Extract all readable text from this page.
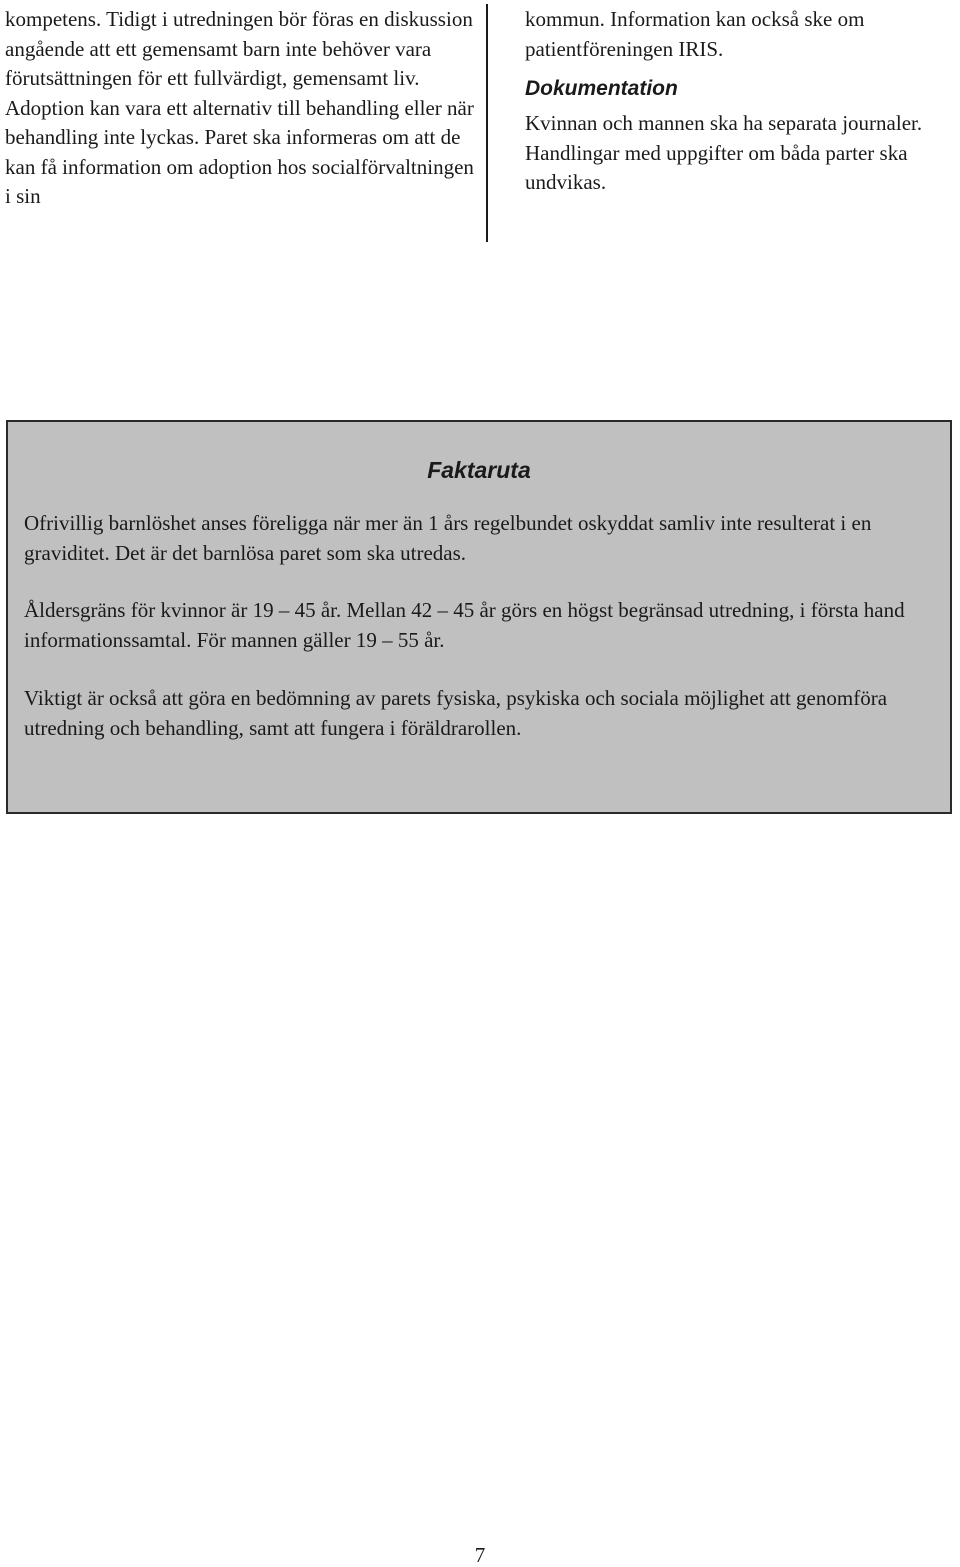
kompetens. Tidigt i utredningen bör föras en diskussion angående att ett gemensamt barn inte behöver vara förutsättningen för ett fullvärdigt, gemensamt liv. Adoption kan vara ett alternativ till behandling eller när behandling inte lyckas. Paret ska informeras om att de kan få information om adoption hos socialförvaltningen i sin

kommun. Information kan också ske om patientföreningen IRIS.

Dokumentation

Kvinnan och mannen ska ha separata journaler. Handlingar med uppgifter om båda parter ska undvikas.

Faktaruta

Ofrivillig barnlöshet anses föreligga när mer än 1 års regelbundet oskyddat samliv inte resulterat i en graviditet. Det är det barnlösa paret som ska utredas.

Åldersgräns för kvinnor är 19 ‒ 45 år. Mellan 42 ‒ 45 år görs en högst begränsad utredning, i första hand informationssamtal. För mannen gäller 19 ‒ 55 år.

Viktigt är också att göra en bedömning av parets fysiska, psykiska och sociala möjlighet att genomföra utredning och behandling, samt att fungera i föräldrarollen.

7
